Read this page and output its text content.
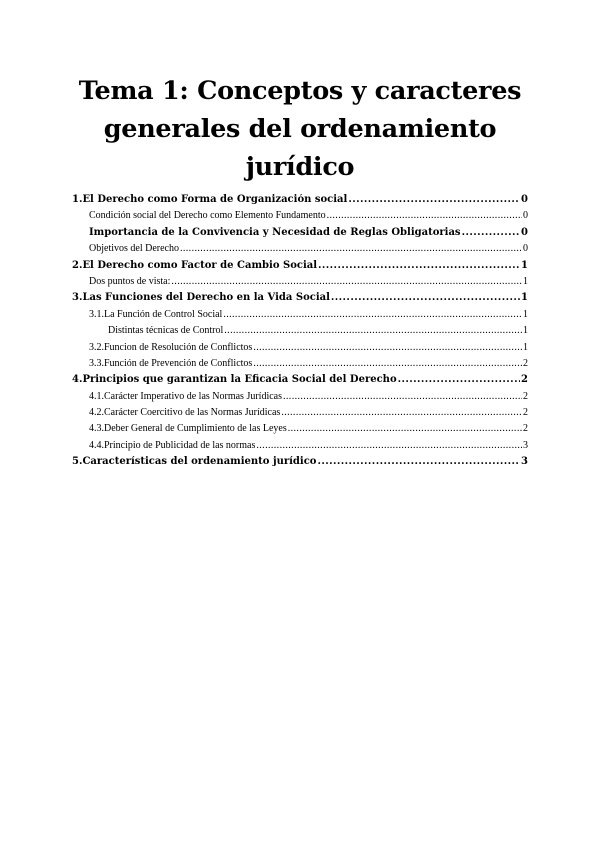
Tema 1: Conceptos y caracteres generales del ordenamiento jurídico
1.El Derecho como Forma de Organización social .....	0
Condición social del Derecho como Elemento Fundamento .....	0
Importancia de la Convivencia y Necesidad de Reglas Obligatorias .....	0
Objetivos del Derecho .....	0
2.El Derecho como Factor de Cambio Social .....	1
Dos puntos de vista: .....	1
3.Las Funciones del Derecho en la Vida Social .....	1
3.1.La Función de Control Social .....	1
Distintas técnicas de Control .....	1
3.2.Funcion de Resolución de Conflictos .....	1
3.3.Función de Prevención de Conflictos .....	2
4.Principios que garantizan la Eficacia Social del Derecho .....	2
4.1.Carácter Imperativo de las Normas Jurídicas .....	2
4.2.Carácter Coercitivo de las Normas Jurídicas .....	2
4.3.Deber General de Cumplimiento de las Leyes .....	2
4.4.Principio de Publicidad de las normas .....	3
5.Características del ordenamiento jurídico .....	3
